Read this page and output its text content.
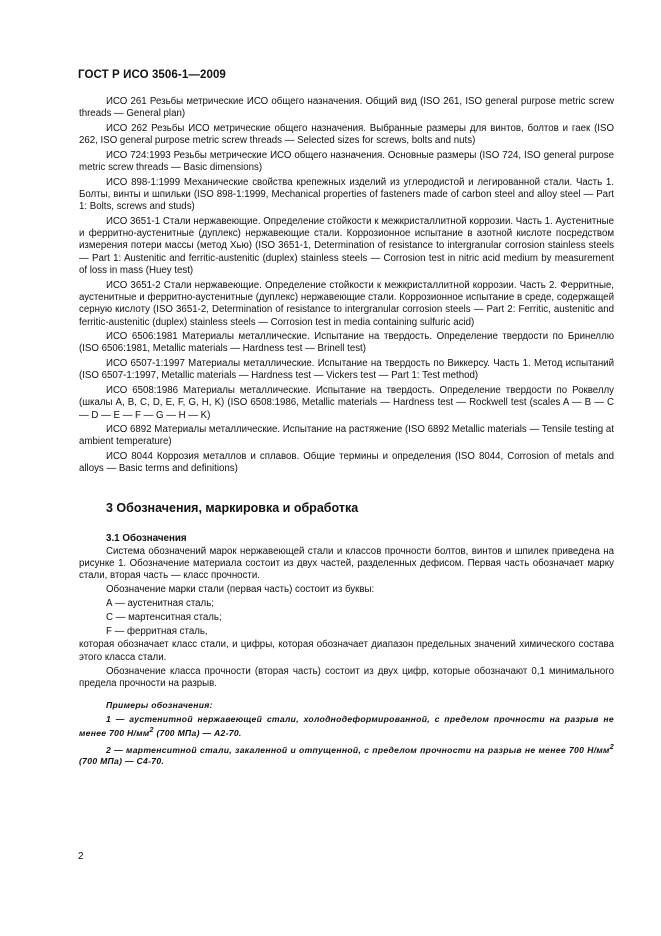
ГОСТ Р ИСО 3506-1—2009

ИСО 261 Резьбы метрические ИСО общего назначения. Общий вид (ISO 261, ISO general purpose metric screw threads — General plan)

ИСО 262 Резьбы ИСО метрические общего назначения. Выбранные размеры для винтов, болтов и гаек (ISO 262, ISO general purpose metric screw threads — Selected sizes for screws, bolts and nuts)

ИСО 724:1993 Резьбы метрические ИСО общего назначения. Основные размеры (ISO 724, ISO general purpose metric screw threads — Basic dimensions)

ИСО 898-1:1999 Механические свойства крепежных изделий из углеродистой и легированной стали. Часть 1. Болты, винты и шпильки (ISO 898-1:1999, Mechanical properties of fasteners made of carbon steel and alloy steel — Part 1: Bolts, screws and studs)

ИСО 3651-1 Стали нержавеющие. Определение стойкости к межкристаллитной коррозии. Часть 1. Аустенитные и ферритно-аустенитные (дуплекс) нержавеющие стали. Коррозионное испытание в азотной кислоте посредством измерения потери массы (метод Хью) (ISO 3651-1, Determination of resistance to intergranular corrosion stainless steels — Part 1: Austenitic and ferritic-austenitic (duplex) stainless steels — Corrosion test in nitric acid medium by measurement of loss in mass (Huey test)

ИСО 3651-2 Стали нержавеющие. Определение стойкости к межкристаллитной коррозии. Часть 2. Ферритные, аустенитные и ферритно-аустенитные (дуплекс) нержавеющие стали. Коррозионное испытание в среде, содержащей серную кислоту (ISO 3651-2, Determination of resistance to intergranular corrosion steels — Part 2: Ferritic, austenitic and ferritic-austenitic (duplex) stainless steels — Corrosion test in media containing sulfuric acid)

ИСО 6506:1981 Материалы металлические. Испытание на твердость. Определение твердости по Бринеллю (ISO 6506:1981, Metallic materials — Hardness test — Brinell test)

ИСО 6507-1:1997 Материалы металлические. Испытание на твердость по Виккерсу. Часть 1. Метод испытаний (ISO 6507-1:1997, Metallic materials — Hardness test — Vickers test — Part 1: Test method)

ИСО 6508:1986 Материалы металлические. Испытание на твердость. Определение твердости по Роквеллу (шкалы A, B, C, D, E, F, G, H, K) (ISO 6508:1986, Metallic materials — Hardness test — Rockwell test (scales A — B — C — D — E — F — G — H — K)

ИСО 6892 Материалы металлические. Испытание на растяжение (ISO 6892 Metallic materials — Tensile testing at ambient temperature)

ИСО 8044 Коррозия металлов и сплавов. Общие термины и определения (ISO 8044, Corrosion of metals and alloys — Basic terms and definitions)

3 Обозначения, маркировка и обработка
3.1 Обозначения

Система обозначений марок нержавеющей стали и классов прочности болтов, винтов и шпилек приведена на рисунке 1. Обозначение материала состоит из двух частей, разделенных дефисом. Первая часть обозначает марку стали, вторая часть — класс прочности.

Обозначение марки стали (первая часть) состоит из буквы:

А — аустенитная сталь;

С — мартенситная сталь;

F — ферритная сталь,

которая обозначает класс стали, и цифры, которая обозначает диапазон предельных значений химического состава этого класса стали.

Обозначение класса прочности (вторая часть) состоит из двух цифр, которые обозначают 0,1 минимального предела прочности на разрыв.

Примеры обозначения:

1 — аустенитной нержавеющей стали, холоднодеформированной, с пределом прочности на разрыв не менее 700 $Н/мм^2$ (700 МПа) — А2-70.

2 — мартенситной стали, закаленной и отпущенной, с пределом прочности на разрыв не менее 700 $Н/мм^2$ (700 МПа) — С4-70.

2
